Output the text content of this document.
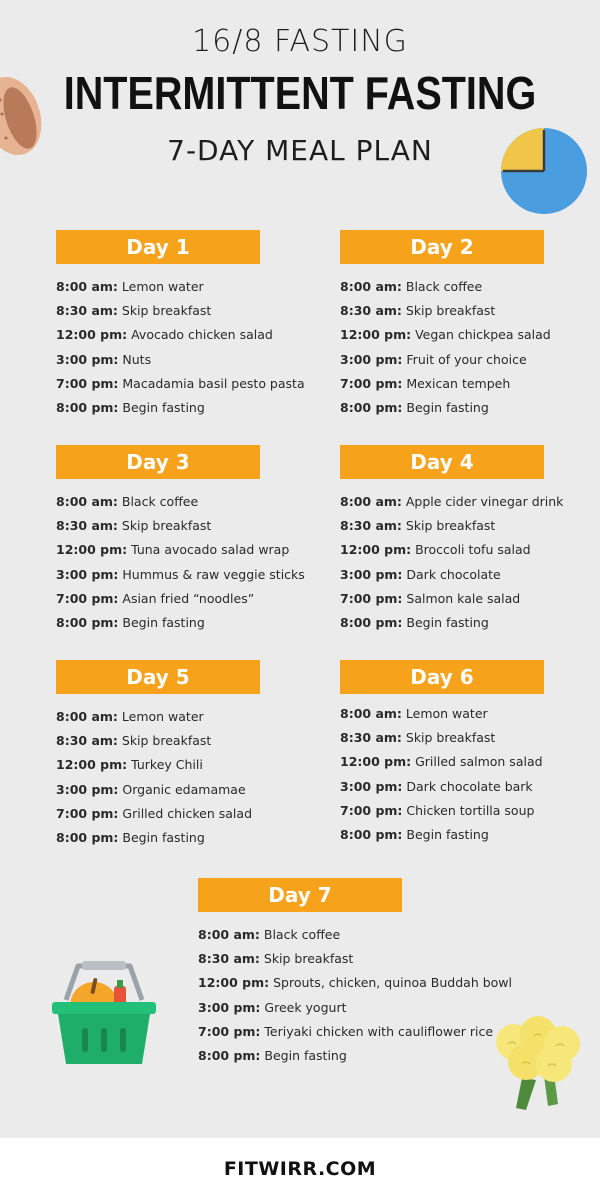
16/8 FASTING
INTERMITTENT FASTING
7-DAY MEAL PLAN
Day 1
8:00 am: Lemon water
8:30 am: Skip breakfast
12:00 pm: Avocado chicken salad
3:00 pm: Nuts
7:00 pm: Macadamia basil pesto pasta
8:00 pm: Begin fasting
Day 2
8:00 am: Black coffee
8:30 am: Skip breakfast
12:00 pm: Vegan chickpea salad
3:00 pm: Fruit of your choice
7:00 pm: Mexican tempeh
8:00 pm: Begin fasting
Day 3
8:00 am: Black coffee
8:30 am: Skip breakfast
12:00 pm: Tuna avocado salad wrap
3:00 pm: Hummus & raw veggie sticks
7:00 pm: Asian fried “noodles”
8:00 pm: Begin fasting
Day 4
8:00 am: Apple cider vinegar drink
8:30 am: Skip breakfast
12:00 pm: Broccoli tofu salad
3:00 pm: Dark chocolate
7:00 pm: Salmon kale salad
8:00 pm: Begin fasting
Day 5
8:00 am: Lemon water
8:30 am: Skip breakfast
12:00 pm: Turkey Chili
3:00 pm: Organic edamamae
7:00 pm: Grilled chicken salad
8:00 pm: Begin fasting
Day 6
8:00 am: Lemon water
8:30 am: Skip breakfast
12:00 pm: Grilled salmon salad
3:00 pm: Dark chocolate bark
7:00 pm: Chicken tortilla soup
8:00 pm: Begin fasting
Day 7
8:00 am: Black coffee
8:30 am: Skip breakfast
12:00 pm: Sprouts, chicken, quinoa Buddah bowl
3:00 pm: Greek yogurt
7:00 pm: Teriyaki chicken with cauliflower rice
8:00 pm: Begin fasting
FITWIRR.COM
